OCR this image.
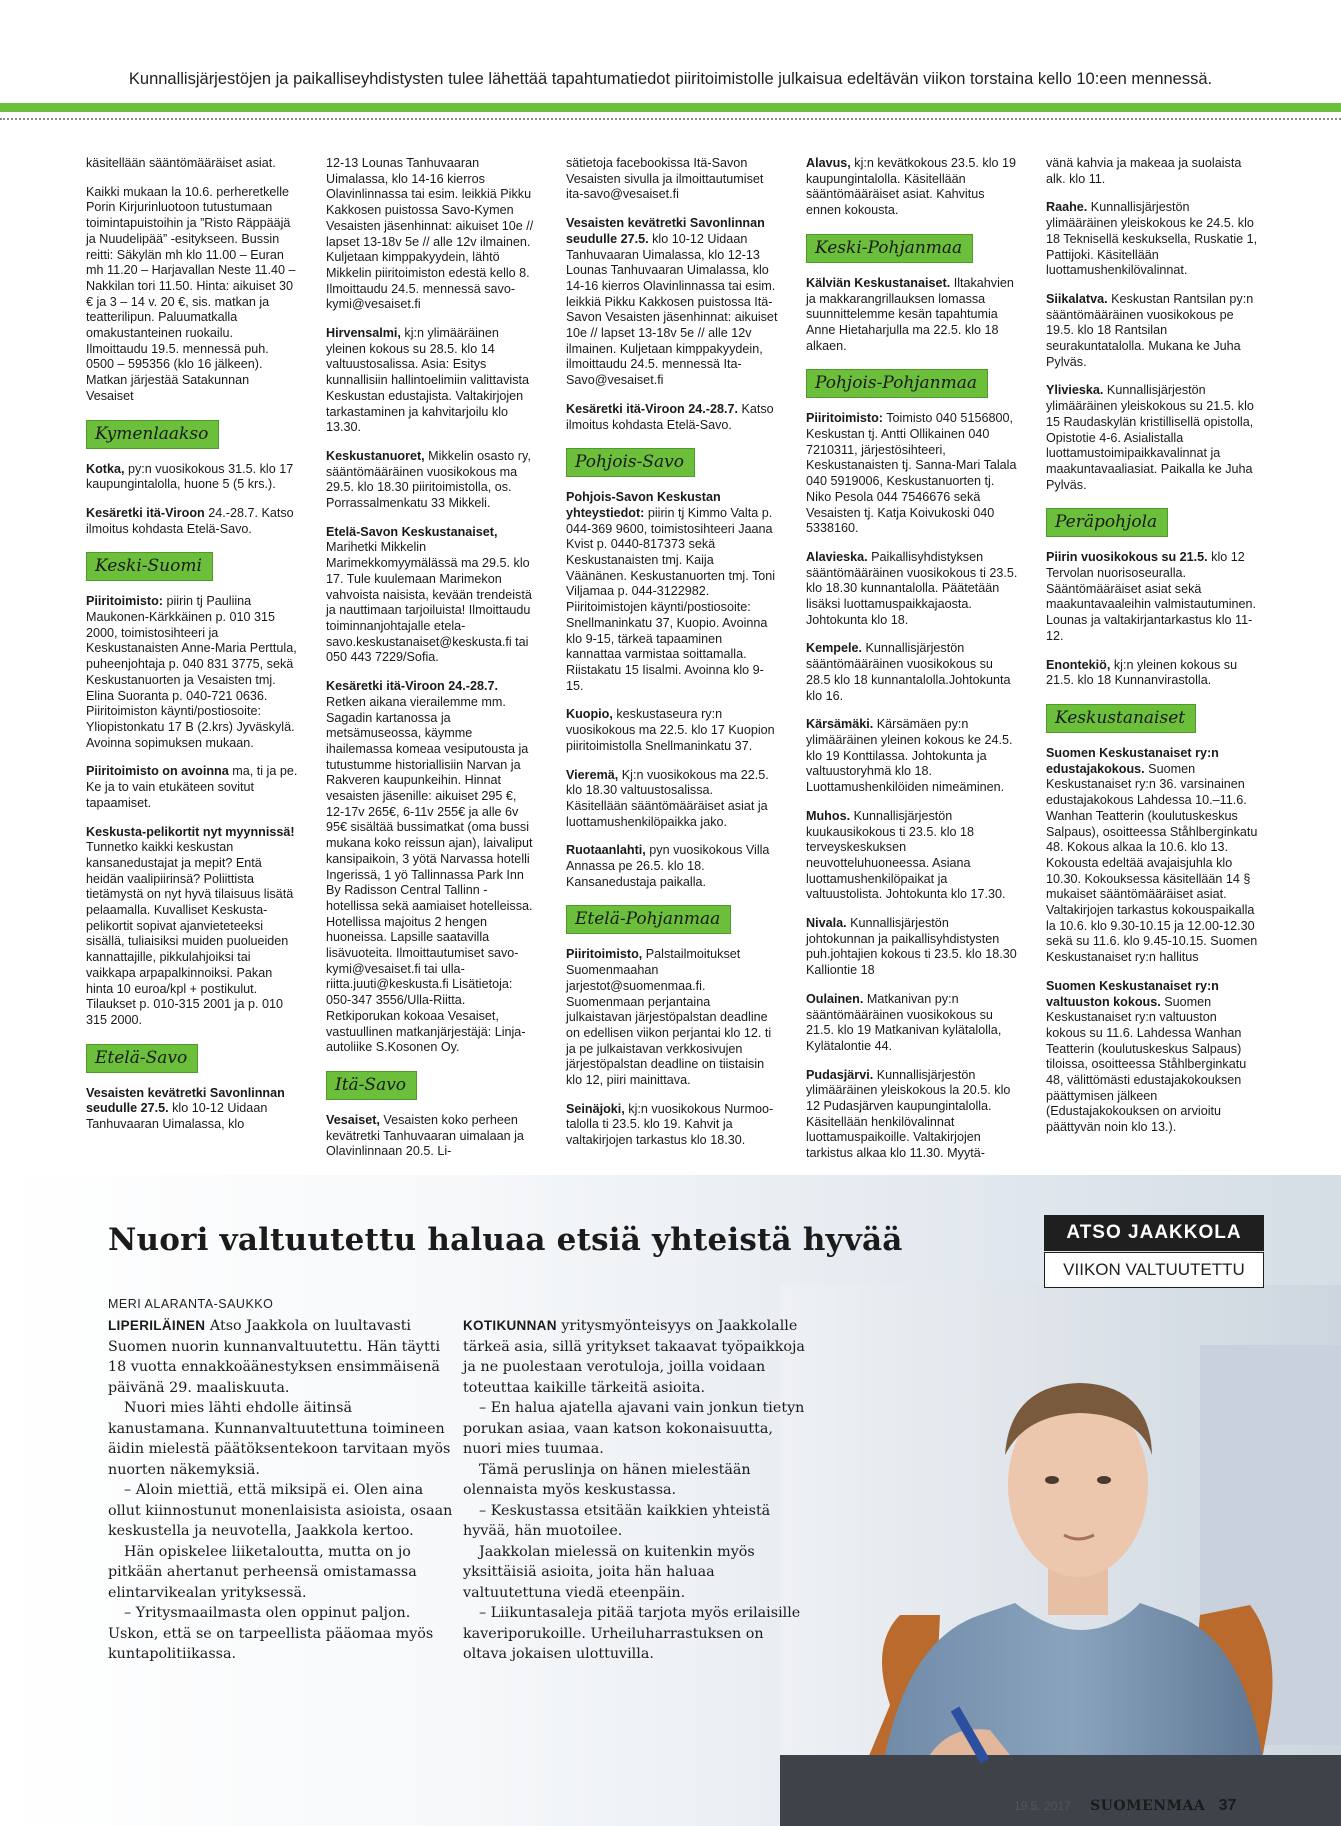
Kunnallisjärjestöjen ja paikalliseyhdistysten tulee lähettää tapahtumatiedot piiritoimistolle julkaisua edeltävän viikon torstaina kello 10:een mennessä.

käsitellään sääntömääräiset asiat.

Kaikki mukaan la 10.6. perheretkelle Porin Kirjurinluotoon tutustumaan toimintapuistoihin ja ”Risto Räppääjä ja Nuudelipää” -esitykseen. Bussin reitti: Säkylän mh klo 11.00 – Euran mh 11.20 – Harjavallan Neste 11.40 – Nakkilan tori 11.50. Hinta: aikuiset 30 € ja 3 – 14 v. 20 €, sis. matkan ja teatterilipun. Paluumatkalla omakustanteinen ruokailu. Ilmoittaudu 19.5. mennessä puh. 0500 – 595356 (klo 16 jälkeen). Matkan järjestää Satakunnan Vesaiset

Kymenlaakso

Kotka, py:n vuosikokous 31.5. klo 17 kaupungintalolla, huone 5 (5 krs.).

Kesäretki itä-Viroon 24.-28.7. Katso ilmoitus kohdasta Etelä-Savo.

Keski-Suomi

Piiritoimisto: piirin tj Pauliina Maukonen-Kärkkäinen p. 010 315 2000, toimistosihteeri ja Keskustanaisten Anne-Maria Perttula, puheenjohtaja p. 040 831 3775, sekä Keskustanuorten ja Vesaisten tmj. Elina Suoranta p. 040-721 0636. Piiritoimiston käynti/postiosoite: Yliopistonkatu 17 B (2.krs) Jyväskylä. Avoinna sopimuksen mukaan.

Piiritoimisto on avoinna ma, ti ja pe. Ke ja to vain etukäteen sovitut tapaamiset.

Keskusta-pelikortit nyt myynnissä! Tunnetko kaikki keskustan kansanedustajat ja mepit? Entä heidän vaalipiirinsä? Poliittista tietämystä on nyt hyvä tilaisuus lisätä pelaamalla. Kuvalliset Keskusta-pelikortit sopivat ajanvieteteeksi sisällä, tuliaisiksi muiden puolueiden kannattajille, pikkulahjoiksi tai vaikkapa arpapalkinnoiksi. Pakan hinta 10 euroa/kpl + postikulut. Tilaukset p. 010-315 2001 ja p. 010 315 2000.

Etelä-Savo

Vesaisten kevätretki Savonlinnan seudulle 27.5. klo 10-12 Uidaan Tanhuvaaran Uimalassa, klo

12-13 Lounas Tanhuvaaran Uimalassa, klo 14-16 kierros Olavinlinnassa tai esim. leikkiä Pikku Kakkosen puistossa Savo-Kymen Vesaisten jäsenhinnat: aikuiset 10e // lapset 13-18v 5e // alle 12v ilmainen. Kuljetaan kimppakyydein, lähtö Mikkelin piiritoimiston edestä kello 8. Ilmoittaudu 24.5. mennessä savo-kymi@vesaiset.fi

Hirvensalmi, kj:n ylimääräinen yleinen kokous su 28.5. klo 14 valtuustosalissa. Asia: Esitys kunnallisiin hallintoelimiin valittavista Keskustan edustajista. Valtakirjojen tarkastaminen ja kahvitarjoilu klo 13.30.

Keskustanuoret, Mikkelin osasto ry, sääntömääräinen vuosikokous ma 29.5. klo 18.30 piiritoimistolla, os. Porrassalmenkatu 33 Mikkeli.

Etelä-Savon Keskustanaiset, Marihetki Mikkelin Marimekkomyymälässä ma 29.5. klo 17. Tule kuulemaan Marimekon vahvoista naisista, kevään trendeistä ja nauttimaan tarjoiluista! Ilmoittaudu toiminnanjohtajalle etela-savo.keskustanaiset@keskusta.fi tai 050 443 7229/Sofia.

Kesäretki itä-Viroon 24.-28.7. Retken aikana vierailemme mm. Sagadin kartanossa ja metsämuseossa, käymme ihailemassa komeaa vesiputousta ja tutustumme historiallisiin Narvan ja Rakveren kaupunkeihin. Hinnat vesaisten jäsenille: aikuiset 295 €, 12-17v 265€, 6-11v 255€ ja alle 6v 95€ sisältää bussimatkat (oma bussi mukana koko reissun ajan), laivaliput kansipaikoin, 3 yötä Narvassa hotelli Ingerissä, 1 yö Tallinnassa Park Inn By Radisson Central Tallinn -hotellissa sekä aamiaiset hotelleissa. Hotellissa majoitus 2 hengen huoneissa. Lapsille saatavilla lisävuoteita. Ilmoittautumiset savo-kymi@vesaiset.fi tai ulla-riitta.juuti@keskusta.fi Lisätietoja: 050-347 3556/Ulla-Riitta. Retkiporukan kokoaa Vesaiset, vastuullinen matkanjärjestäjä: Linja-autoliike S.Kosonen Oy.

Itä-Savo

Vesaiset, Vesaisten koko perheen kevätretki Tanhuvaaran uimalaan ja Olavinlinnaan 20.5. Li-

sätietoja facebookissa Itä-Savon Vesaisten sivulla ja ilmoittautumiset ita-savo@vesaiset.fi

Vesaisten kevätretki Savonlinnan seudulle 27.5. klo 10-12 Uidaan Tanhuvaaran Uimalassa, klo 12-13 Lounas Tanhuvaaran Uimalassa, klo 14-16 kierros Olavinlinnassa tai esim. leikkiä Pikku Kakkosen puistossa Itä-Savon Vesaisten jäsenhinnat: aikuiset 10e // lapset 13-18v 5e // alle 12v ilmainen. Kuljetaan kimppakyydein, ilmoittaudu 24.5. mennessä Ita-Savo@vesaiset.fi

Kesäretki itä-Viroon 24.-28.7. Katso ilmoitus kohdasta Etelä-Savo.

Pohjois-Savo

Pohjois-Savon Keskustan yhteystiedot: piirin tj Kimmo Valta p. 044-369 9600, toimistosihteeri Jaana Kvist p. 0440-817373 sekä Keskustanaisten tmj. Kaija Väänänen. Keskustanuorten tmj. Toni Viljamaa p. 044-3122982. Piiritoimistojen käynti/postiosoite: Snellmaninkatu 37, Kuopio. Avoinna klo 9-15, tärkeä tapaaminen kannattaa varmistaa soittamalla. Riistakatu 15 Iisalmi. Avoinna klo 9-15.

Kuopio, keskustaseura ry:n vuosikokous ma 22.5. klo 17 Kuopion piiritoimistolla Snellmaninkatu 37.

Vieremä, Kj:n vuosikokous ma 22.5. klo 18.30 valtuustosalissa. Käsitellään sääntömääräiset asiat ja luottamushenkilöpaikka jako.

Ruotaanlahti, pyn vuosikokous Villa Annassa pe 26.5. klo 18. Kansanedustaja paikalla.

Etelä-Pohjanmaa

Piiritoimisto, Palstailmoitukset Suomenmaahan jarjestot@suomenmaa.fi. Suomenmaan perjantaina julkaistavan järjestöpalstan deadline on edellisen viikon perjantai klo 12. ti ja pe julkaistavan verkkosivujen järjestöpalstan deadline on tiistaisin klo 12, piiri mainittava.

Seinäjoki, kj:n vuosikokous Nurmoo-talolla ti 23.5. klo 19. Kahvit ja valtakirjojen tarkastus klo 18.30.

Alavus, kj:n kevätkokous 23.5. klo 19 kaupungintalolla. Käsitellään sääntömääräiset asiat. Kahvitus ennen kokousta.

Keski-Pohjanmaa

Kälviän Keskustanaiset. Iltakahvien ja makkarangrillauksen lomassa suunnittelemme kesän tapahtumia Anne Hietaharjulla ma 22.5. klo 18 alkaen.

Pohjois-Pohjanmaa

Piiritoimisto: Toimisto 040 5156800, Keskustan tj. Antti Ollikainen 040 7210311, järjestösihteeri, Keskustanaisten tj. Sanna-Mari Talala 040 5919006, Keskustanuorten tj. Niko Pesola 044 7546676 sekä Vesaisten tj. Katja Koivukoski 040 5338160.

Alavieska. Paikallisyhdistyksen sääntömääräinen vuosikokous ti 23.5. klo 18.30 kunnantalolla. Päätetään lisäksi luottamuspaikkajaosta. Johtokunta klo 18.

Kempele. Kunnallisjärjestön sääntömääräinen vuosikokous su 28.5 klo 18 kunnantalolla.Johtokunta klo 16.

Kärsämäki. Kärsämäen py:n ylimääräinen yleinen kokous ke 24.5. klo 19 Konttilassa. Johtokunta ja valtuustoryhmä klo 18. Luottamushenkilöiden nimeäminen.

Muhos. Kunnallisjärjestön kuukausikokous ti 23.5. klo 18 terveyskeskuksen neuvotteluhuoneessa. Asiana luottamushenkilöpaikat ja valtuustolista. Johtokunta klo 17.30.

Nivala. Kunnallisjärjestön johtokunnan ja paikallisyhdistysten puh.johtajien kokous ti 23.5. klo 18.30 Kalliontie 18

Oulainen. Matkanivan py:n sääntömääräinen vuosikokous su 21.5. klo 19 Matkanivan kylätalolla, Kylätalontie 44.

Pudasjärvi. Kunnallisjärjestön ylimääräinen yleiskokous la 20.5. klo 12 Pudasjärven kaupungintalolla. Käsitellään henkilövalinnat luottamuspaikoille. Valtakirjojen tarkistus alkaa klo 11.30. Myytä-

vänä kahvia ja makeaa ja suolaista alk. klo 11.

Raahe. Kunnallisjärjestön ylimääräinen yleiskokous ke 24.5. klo 18 Teknisellä keskuksella, Ruskatie 1, Pattijoki. Käsitellään luottamushenkilövalinnat.

Siikalatva. Keskustan Rantsilan py:n sääntömääräinen vuosikokous pe 19.5. klo 18 Rantsilan seurakuntatalolla. Mukana ke Juha Pylväs.

Ylivieska. Kunnallisjärjestön ylimääräinen yleiskokous su 21.5. klo 15 Raudaskylän kristillisellä opistolla, Opistotie 4-6. Asialistalla luottamustoimipaikkavalinnat ja maakuntavaaliasiat. Paikalla ke Juha Pylväs.

Peräpohjola

Piirin vuosikokous su 21.5. klo 12 Tervolan nuorisoseuralla. Sääntömääräiset asiat sekä maakuntavaaleihin valmistautuminen. Lounas ja valtakirjantarkastus klo 11-12.

Enontekiö, kj:n yleinen kokous su 21.5. klo 18 Kunnanvirastolla.

Keskustanaiset

Suomen Keskustanaiset ry:n edustajakokous. Suomen Keskustanaiset ry:n 36. varsinainen edustajakokous Lahdessa 10.–11.6. Wanhan Teatterin (koulutuskeskus Salpaus), osoitteessa Ståhlberginkatu 48. Kokous alkaa la 10.6. klo 13. Kokousta edeltää avajaisjuhla klo 10.30. Kokouksessa käsitellään 14 § mukaiset sääntömääräiset asiat. Valtakirjojen tarkastus kokouspaikalla la 10.6. klo 9.30-10.15 ja 12.00-12.30 sekä su 11.6. klo 9.45-10.15. Suomen Keskustanaiset ry:n hallitus

Suomen Keskustanaiset ry:n valtuuston kokous. Suomen Keskustanaiset ry:n valtuuston kokous su 11.6. Lahdessa Wanhan Teatterin (koulutuskeskus Salpaus) tiloissa, osoitteessa Ståhlberginkatu 48, välittömästi edustajakokouksen päättymisen jälkeen (Edustajakokouksen on arvioitu päättyvän noin klo 13.).

Nuori valtuutettu haluaa etsiä yhteistä hyvää	ATSO JAAKKOLA
VIIKON VALTUUTETTU
MERI ALARANTA-SAUKKO

LIPERILÄINEN Atso Jaakkola on luultavasti Suomen nuorin kunnanvaltuutettu. Hän täytti 18 vuotta ennakkoäänestyksen ensimmäisenä päivänä 29. maaliskuuta.

Nuori mies lähti ehdolle äitinsä kanustamana. Kunnanvaltuutettuna toimineen äidin mielestä päätöksentekoon tarvitaan myös nuorten näkemyksiä.

– Aloin miettiä, että miksipä ei. Olen aina ollut kiinnostunut monenlaisista asioista, osaan keskustella ja neuvotella, Jaakkola kertoo.

Hän opiskelee liiketaloutta, mutta on jo pitkään ahertanut perheensä omistamassa elintarvikealan yrityksessä.

– Yritysmaailmasta olen oppinut paljon. Uskon, että se on tarpeellista pääomaa myös kuntapolitiikassa.

KOTIKUNNAN yritysmyönteisyys on Jaakkolalle tärkeä asia, sillä yritykset takaavat työpaikkoja ja ne puolestaan verotuloja, joilla voidaan toteuttaa kaikille tärkeitä asioita.

– En halua ajatella ajavani vain jonkun tietyn porukan asiaa, vaan katson kokonaisuutta, nuori mies tuumaa.

Tämä peruslinja on hänen mielestään olennaista myös keskustassa.

– Keskustassa etsitään kaikkien yhteistä hyvää, hän muotoilee.

Jaakkolan mielessä on kuitenkin myös yksittäisiä asioita, joita hän haluaa valtuutettuna viedä eteenpäin.

– Liikuntasaleja pitää tarjota myös erilaisille kaveriporukoille. Urheiluharrastuksen on oltava jokaisen ulottuvilla.

19.5. 2017 SUOMENMAA 37
